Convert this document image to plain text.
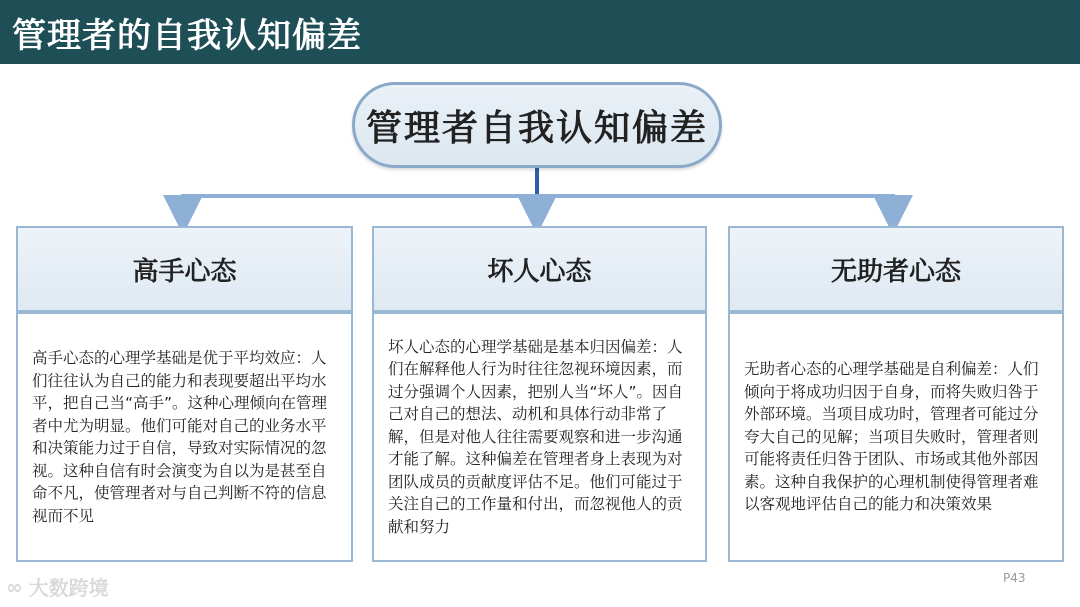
管理者的自我认知偏差
管理者自我认知偏差
高手心态	坏人心态	无助者心态

高手心态的心理学基础是优于平均效应：人们往往认为自己的能力和表现要超出平均水平，把自己当“高手”。这种心理倾向在管理者中尤为明显。他们可能对自己的业务水平和决策能力过于自信，导致对实际情况的忽视。这种自信有时会演变为自以为是甚至自命不凡，使管理者对与自己判断不符的信息视而不见

坏人心态的心理学基础是基本归因偏差：人们在解释他人行为时往往忽视环境因素，而过分强调个人因素，把别人当“坏人”。因自己对自己的想法、动机和具体行动非常了解，但是对他人往往需要观察和进一步沟通才能了解。这种偏差在管理者身上表现为对团队成员的贡献度评估不足。他们可能过于关注自己的工作量和付出，而忽视他人的贡献和努力

无助者心态的心理学基础是自利偏差：人们倾向于将成功归因于自身，而将失败归咎于外部环境。当项目成功时，管理者可能过分夸大自己的见解；当项目失败时，管理者则可能将责任归咎于团队、市场或其他外部因素。这种自我保护的心理机制使得管理者难以客观地评估自己的能力和决策效果

∞ 大数跨境	P43
